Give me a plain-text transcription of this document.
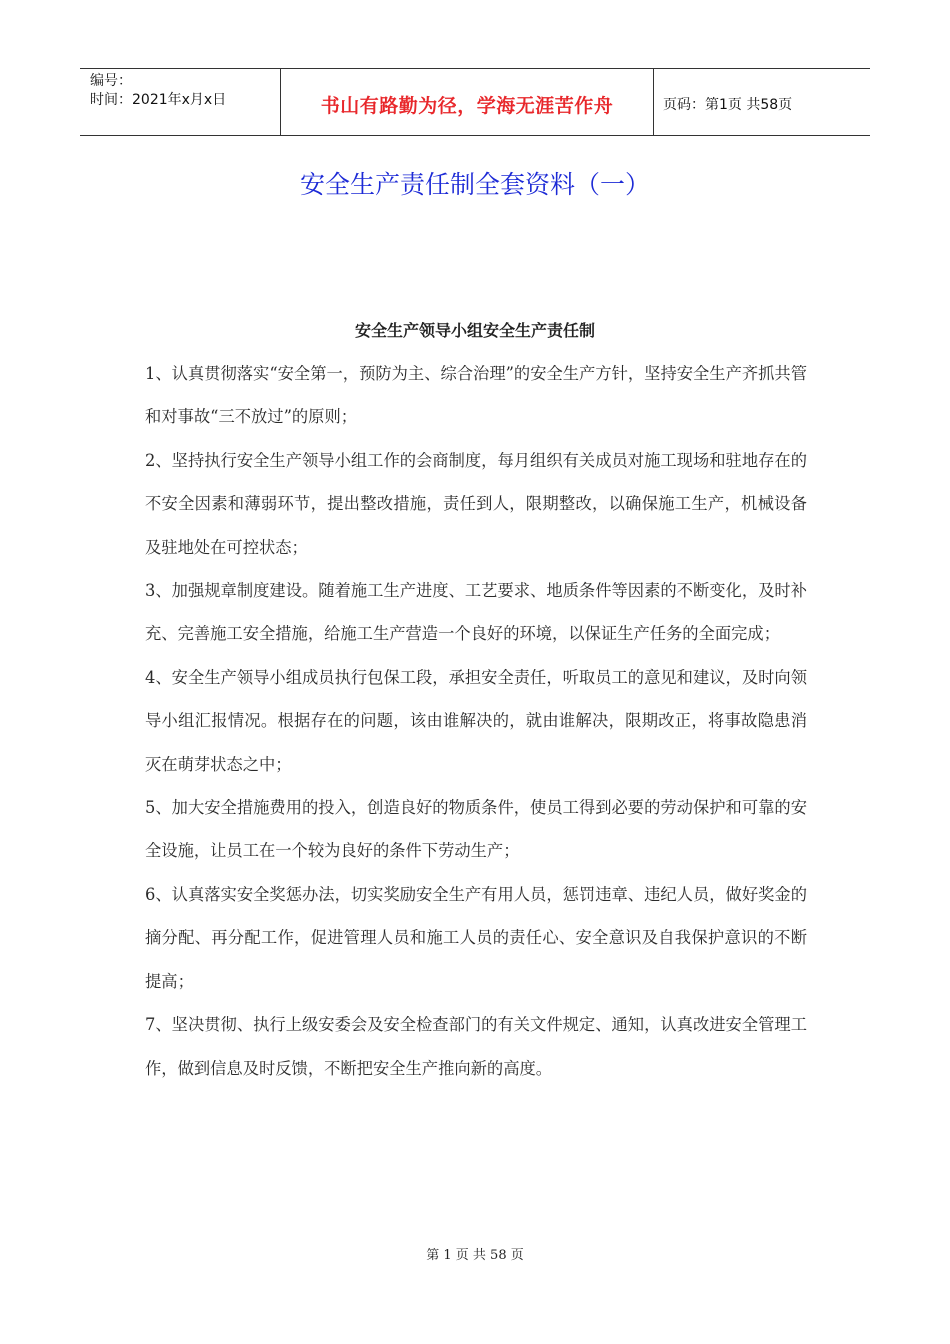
编号：
时间：2021年x月x日	书山有路勤为径，学海无涯苦作舟	页码：第1页 共58页
安全生产责任制全套资料（一）
安全生产领导小组安全生产责任制

1、认真贯彻落实“安全第一，预防为主、综合治理”的安全生产方针，坚持安全生产齐抓共管和对事故“三不放过”的原则；

2、坚持执行安全生产领导小组工作的会商制度，每月组织有关成员对施工现场和驻地存在的不安全因素和薄弱环节，提出整改措施，责任到人，限期整改，以确保施工生产，机械设备及驻地处在可控状态；

3、加强规章制度建设。随着施工生产进度、工艺要求、地质条件等因素的不断变化，及时补充、完善施工安全措施，给施工生产营造一个良好的环境，以保证生产任务的全面完成；

4、安全生产领导小组成员执行包保工段，承担安全责任，听取员工的意见和建议，及时向领导小组汇报情况。根据存在的问题，该由谁解决的，就由谁解决，限期改正，将事故隐患消灭在萌芽状态之中；

5、加大安全措施费用的投入，创造良好的物质条件，使员工得到必要的劳动保护和可靠的安全设施，让员工在一个较为良好的条件下劳动生产；

6、认真落实安全奖惩办法，切实奖励安全生产有用人员，惩罚违章、违纪人员，做好奖金的摘分配、再分配工作，促进管理人员和施工人员的责任心、安全意识及自我保护意识的不断提高；

7、坚决贯彻、执行上级安委会及安全检查部门的有关文件规定、通知，认真改进安全管理工作，做到信息及时反馈，不断把安全生产推向新的高度。

第 1 页 共 58 页
